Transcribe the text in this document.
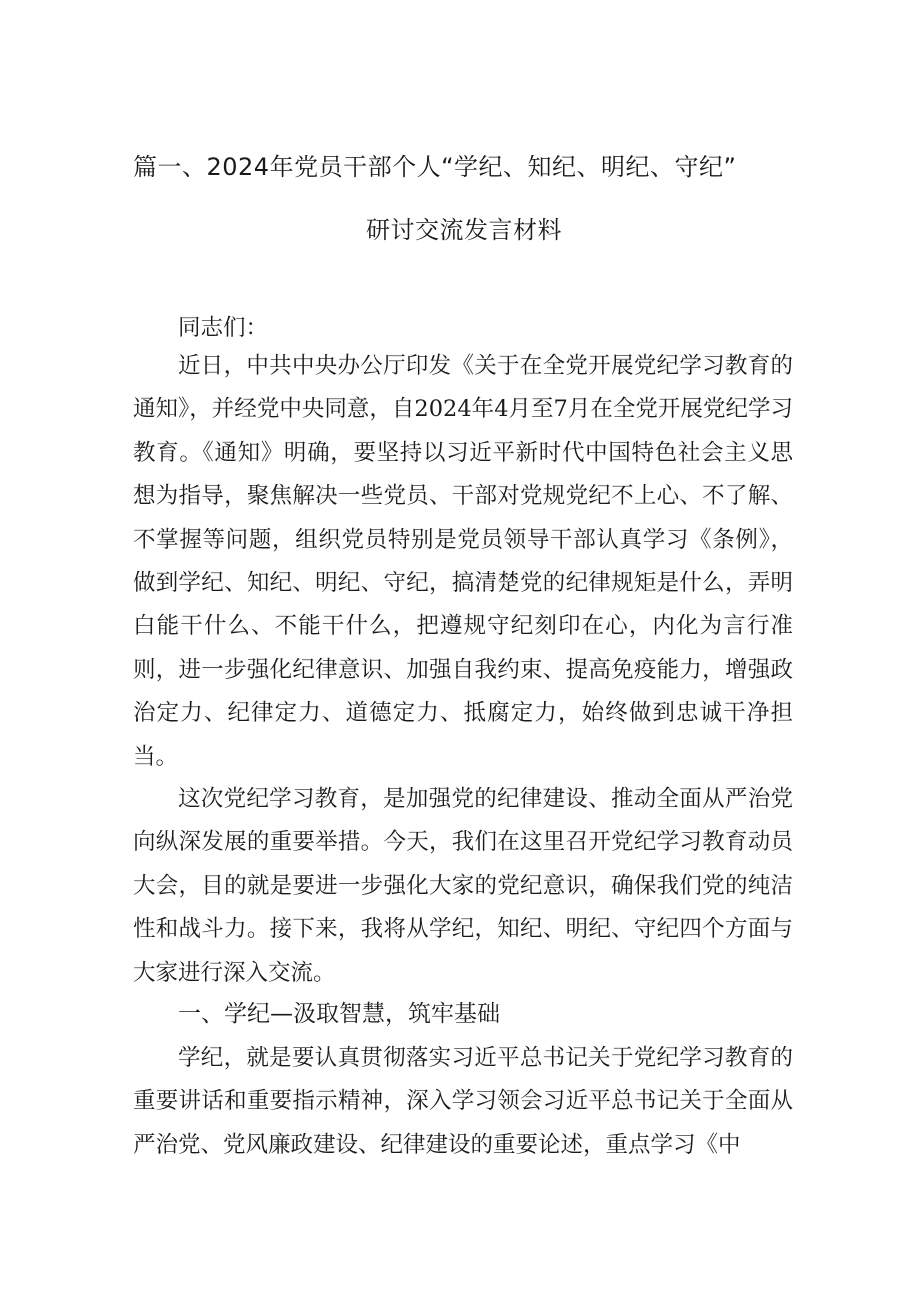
篇一、2024年党员干部个人“学纪、知纪、明纪、守纪”
研讨交流发言材料

同志们：

近日，中共中央办公厅印发《关于在全党开展党纪学习教育的通知》，并经党中央同意，自2024年4月至7月在全党开展党纪学习教育。《通知》明确，要坚持以习近平新时代中国特色社会主义思想为指导，聚焦解决一些党员、干部对党规党纪不上心、不了解、不掌握等问题，组织党员特别是党员领导干部认真学习《条例》，做到学纪、知纪、明纪、守纪，搞清楚党的纪律规矩是什么，弄明白能干什么、不能干什么，把遵规守纪刻印在心，内化为言行准则，进一步强化纪律意识、加强自我约束、提高免疫能力，增强政治定力、纪律定力、道德定力、抵腐定力，始终做到忠诚干净担当。

这次党纪学习教育，是加强党的纪律建设、推动全面从严治党向纵深发展的重要举措。今天，我们在这里召开党纪学习教育动员大会，目的就是要进一步强化大家的党纪意识，确保我们党的纯洁性和战斗力。接下来，我将从学纪，知纪、明纪、守纪四个方面与大家进行深入交流。

一、学纪—汲取智慧，筑牢基础

学纪，就是要认真贯彻落实习近平总书记关于党纪学习教育的重要讲话和重要指示精神，深入学习领会习近平总书记关于全面从严治党、党风廉政建设、纪律建设的重要论述，重点学习《中
